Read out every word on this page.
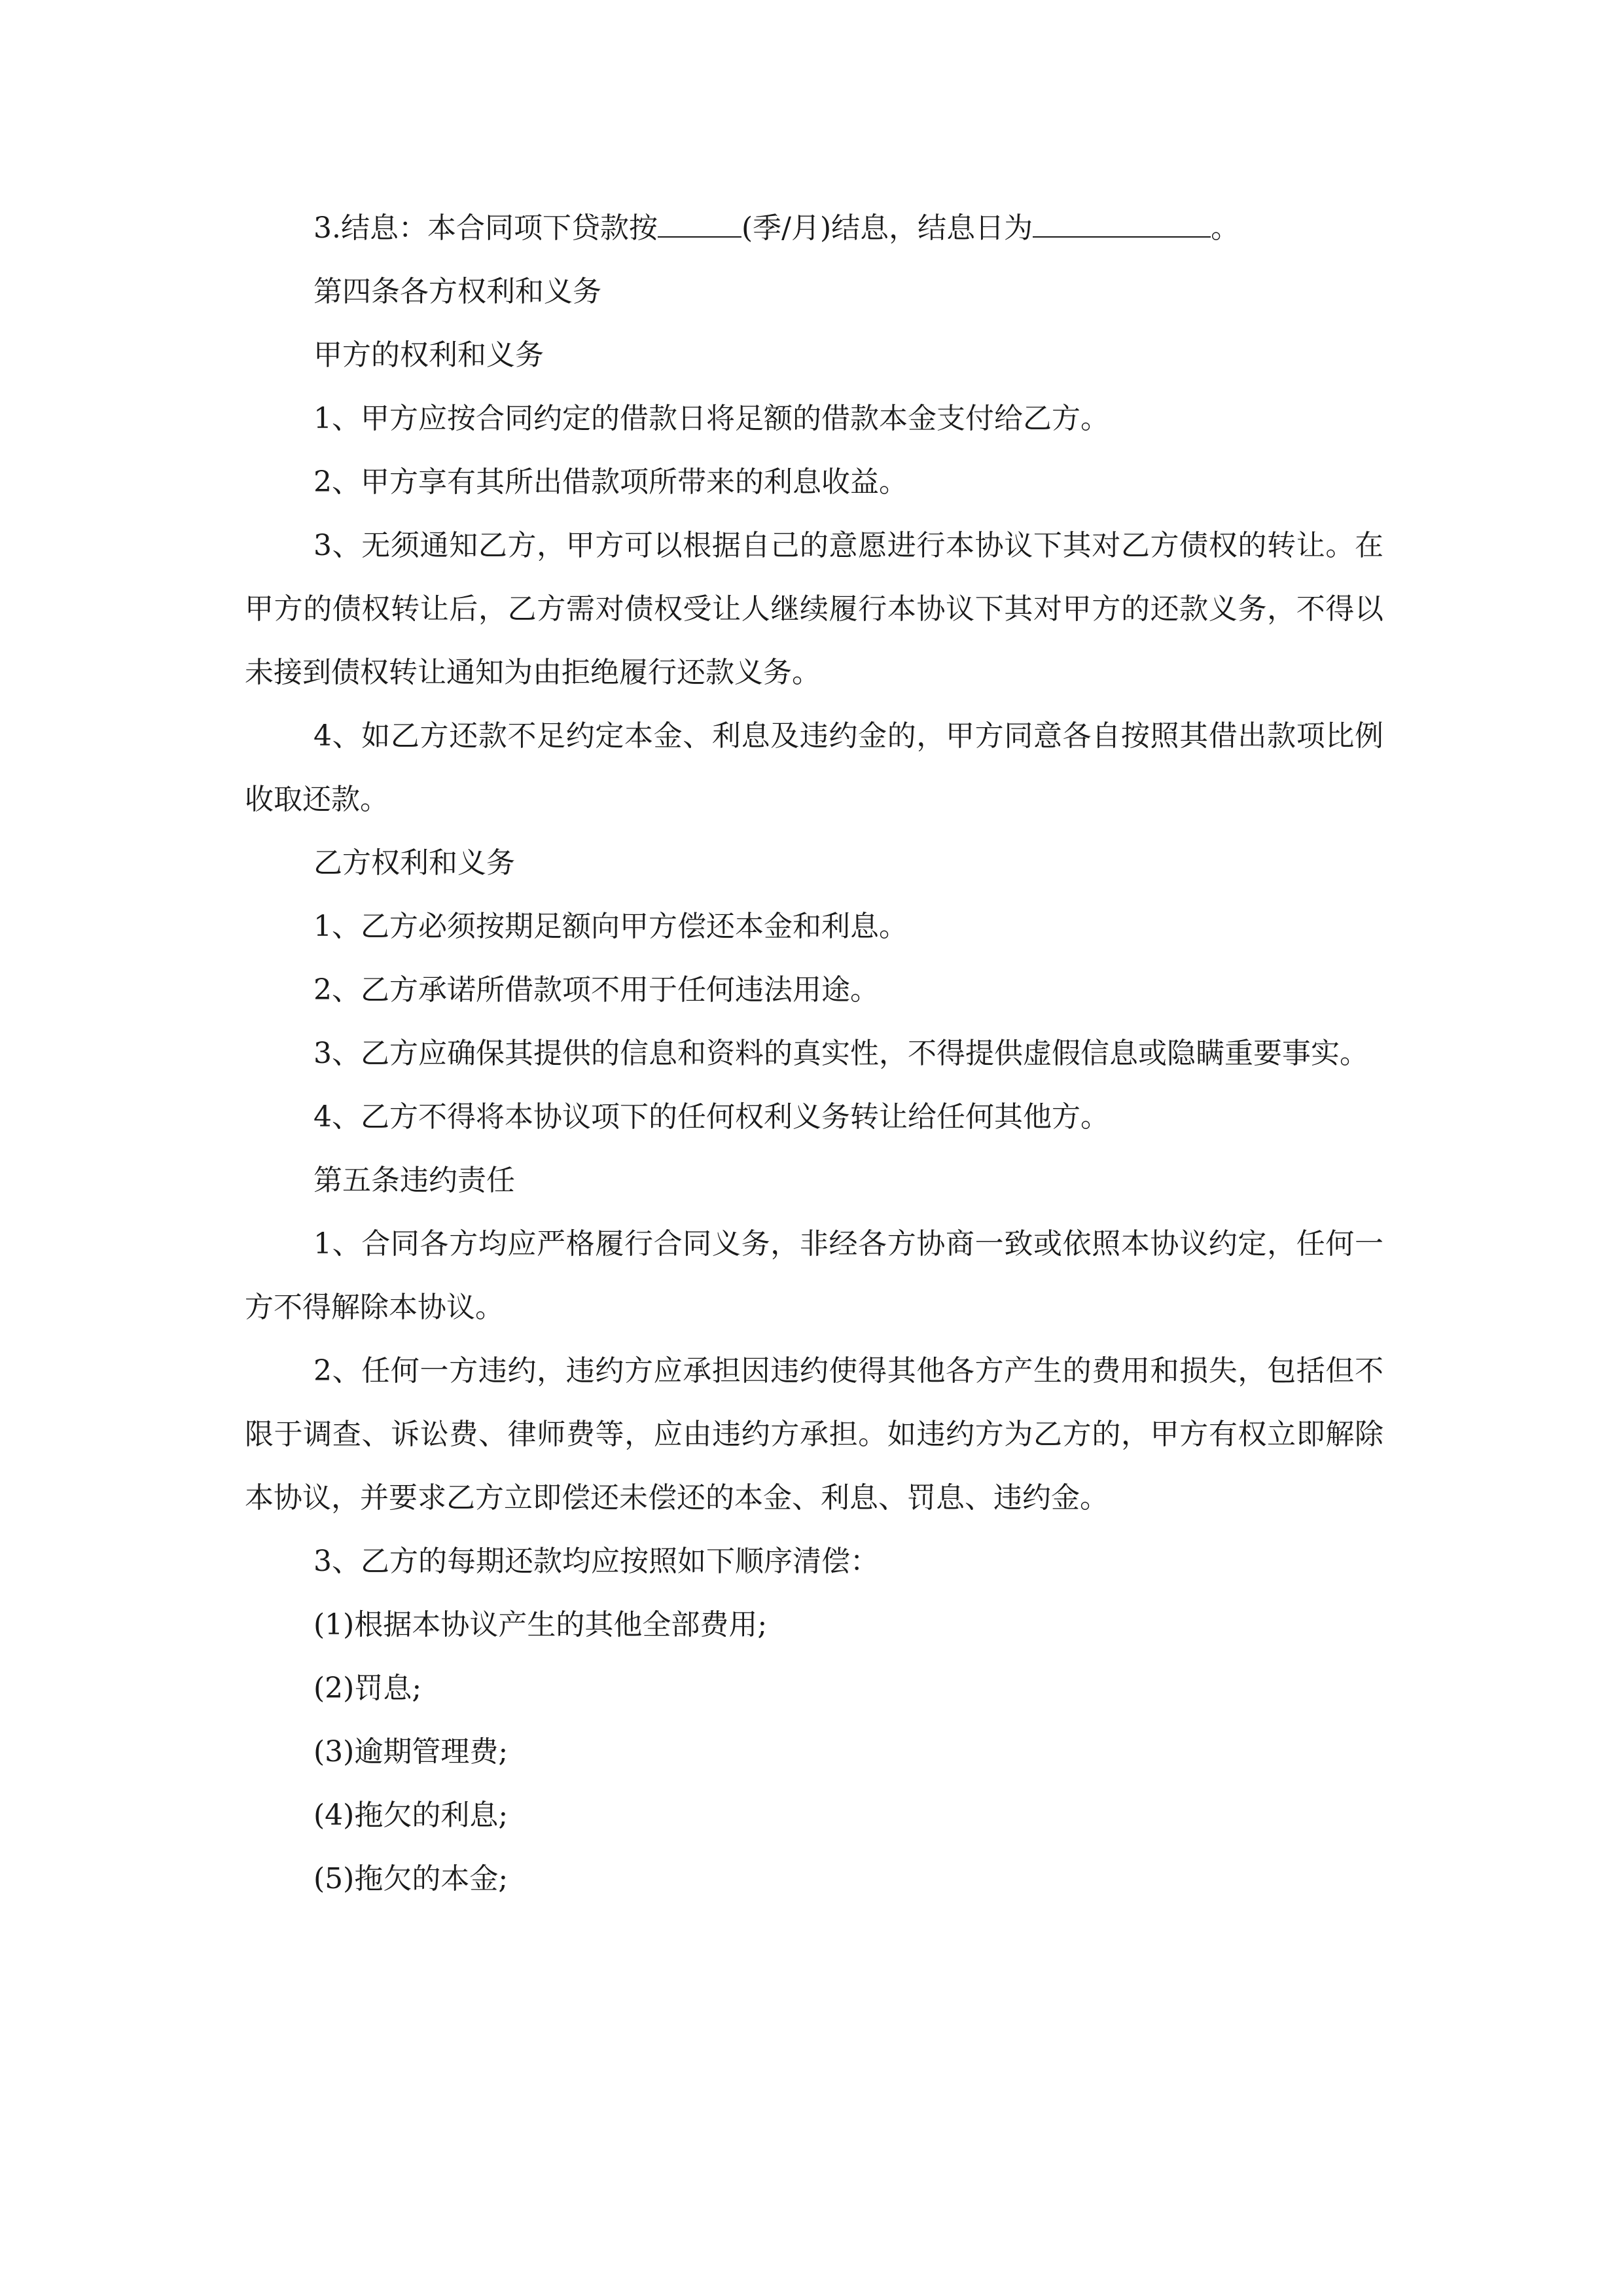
3.结息：本合同项下贷款按	(季/月)结息，结息日为	。

第四条各方权利和义务

甲方的权利和义务

1、甲方应按合同约定的借款日将足额的借款本金支付给乙方。

2、甲方享有其所出借款项所带来的利息收益。

3、无须通知乙方，甲方可以根据自己的意愿进行本协议下其对乙方债权的转让。在甲方的债权转让后，乙方需对债权受让人继续履行本协议下其对甲方的还款义务，不得以未接到债权转让通知为由拒绝履行还款义务。

4、如乙方还款不足约定本金、利息及违约金的，甲方同意各自按照其借出款项比例收取还款。

乙方权利和义务

1、乙方必须按期足额向甲方偿还本金和利息。

2、乙方承诺所借款项不用于任何违法用途。

3、乙方应确保其提供的信息和资料的真实性，不得提供虚假信息或隐瞒重要事实。

4、乙方不得将本协议项下的任何权利义务转让给任何其他方。

第五条违约责任

1、合同各方均应严格履行合同义务，非经各方协商一致或依照本协议约定，任何一方不得解除本协议。

2、任何一方违约，违约方应承担因违约使得其他各方产生的费用和损失，包括但不限于调查、诉讼费、律师费等，应由违约方承担。如违约方为乙方的，甲方有权立即解除本协议，并要求乙方立即偿还未偿还的本金、利息、罚息、违约金。

3、乙方的每期还款均应按照如下顺序清偿：

(1)根据本协议产生的其他全部费用;

(2)罚息;

(3)逾期管理费;

(4)拖欠的利息;

(5)拖欠的本金;
